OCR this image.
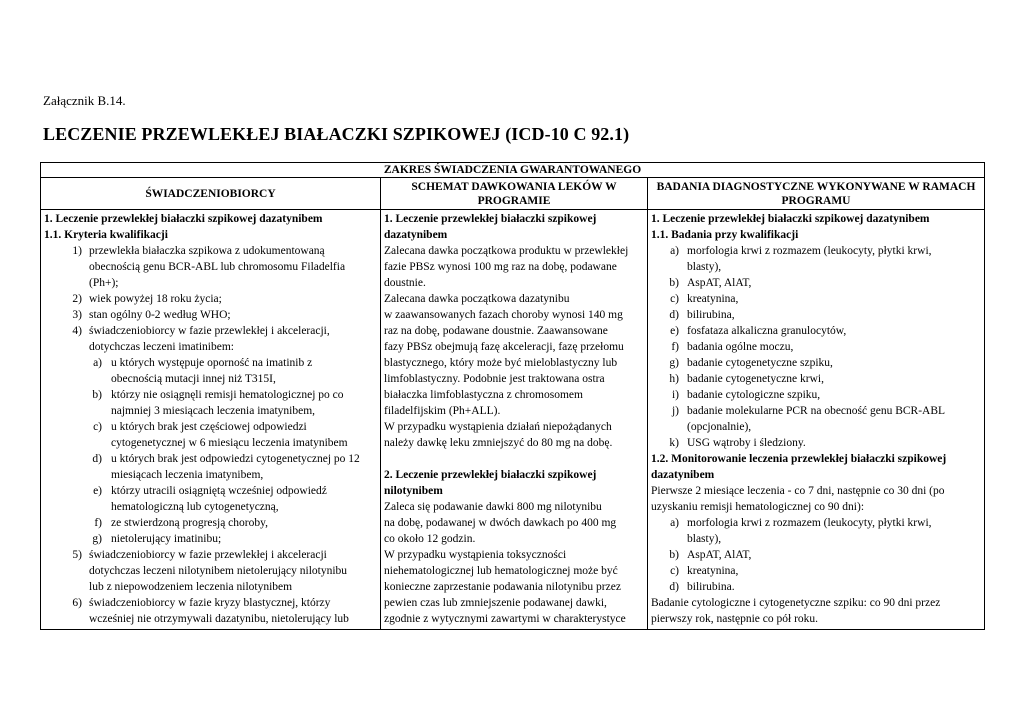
Załącznik B.14.
LECZENIE PRZEWLEKŁEJ BIAŁACZKI SZPIKOWEJ (ICD-10 C 92.1)
ZAKRES ŚWIADCZENIA GWARANTOWANEGO
ŚWIADCZENIOBIORCY
SCHEMAT DAWKOWANIA LEKÓW W PROGRAMIE
BADANIA DIAGNOSTYCZNE WYKONYWANE W RAMACH PROGRAMU
1. Leczenie przewlekłej białaczki szpikowej dazatynibem
1.1. Kryteria kwalifikacji
1) przewlekła białaczka szpikowa z udokumentowaną
obecnością genu BCR-ABL lub chromosomu Filadelfia
(Ph+);
2) wiek powyżej 18 roku życia;
3) stan ogólny 0-2 według WHO;
4) świadczeniobiorcy w fazie przewlekłej i akceleracji,
dotychczas leczeni imatinibem:
a) u których występuje oporność na imatinib z
obecnością mutacji innej niż T315I,
b) którzy nie osiągnęli remisji hematologicznej po co
najmniej 3 miesiącach leczenia imatynibem,
c) u których brak jest częściowej odpowiedzi
cytogenetycznej w 6 miesiącu leczenia imatynibem
d) u których brak jest odpowiedzi cytogenetycznej po 12
miesiącach leczenia imatynibem,
e) którzy utracili osiągniętą wcześniej odpowiedź
hematologiczną lub cytogenetyczną,
f) ze stwierdzoną progresją choroby,
g) nietolerujący imatinibu;
5) świadczeniobiorcy w fazie przewlekłej i akceleracji
dotychczas leczeni nilotynibem nietolerujący nilotynibu
lub z niepowodzeniem leczenia nilotynibem
6) świadczeniobiorcy w fazie kryzy blastycznej, którzy
wcześniej nie otrzymywali dazatynibu, nietolerujący lub
1. Leczenie przewlekłej białaczki szpikowej
dazatynibem
Zalecana dawka początkowa produktu w przewlekłej
fazie PBSz wynosi 100 mg raz na dobę, podawane
doustnie.
Zalecana dawka początkowa dazatynibu
w zaawansowanych fazach choroby wynosi 140 mg
raz na dobę, podawane doustnie. Zaawansowane
fazy PBSz obejmują fazę akceleracji, fazę przełomu
blastycznego, który może być mieloblastyczny lub
limfoblastyczny. Podobnie jest traktowana ostra
białaczka limfoblastyczna z chromosomem
filadelfijskim (Ph+ALL).
W przypadku wystąpienia działań niepożądanych
należy dawkę leku zmniejszyć do 80 mg na dobę.
2. Leczenie przewlekłej białaczki szpikowej
nilotynibem
Zaleca się podawanie dawki 800 mg nilotynibu
na dobę, podawanej w dwóch dawkach po 400 mg
co około 12 godzin.
W przypadku wystąpienia toksyczności
niehematologicznej lub hematologicznej może być
konieczne zaprzestanie podawania nilotynibu przez
pewien czas lub zmniejszenie podawanej dawki,
zgodnie z wytycznymi zawartymi w charakterystyce
1. Leczenie przewlekłej białaczki szpikowej dazatynibem
1.1. Badania przy kwalifikacji
a) morfologia krwi z rozmazem (leukocyty, płytki krwi,
blasty),
b) AspAT, AlAT,
c) kreatynina,
d) bilirubina,
e) fosfataza alkaliczna granulocytów,
f) badania ogólne moczu,
g) badanie cytogenetyczne szpiku,
h) badanie cytogenetyczne krwi,
i) badanie cytologiczne szpiku,
j) badanie molekularne PCR na obecność genu BCR-ABL
(opcjonalnie),
k) USG wątroby i śledziony.
1.2. Monitorowanie leczenia przewlekłej białaczki szpikowej
dazatynibem
Pierwsze 2 miesiące leczenia - co 7 dni, następnie co 30 dni (po
uzyskaniu remisji hematologicznej co 90 dni):
a) morfologia krwi z rozmazem (leukocyty, płytki krwi,
blasty),
b) AspAT, AlAT,
c) kreatynina,
d) bilirubina.
Badanie cytologiczne i cytogenetyczne szpiku: co 90 dni przez
pierwszy rok, następnie co pół roku.
